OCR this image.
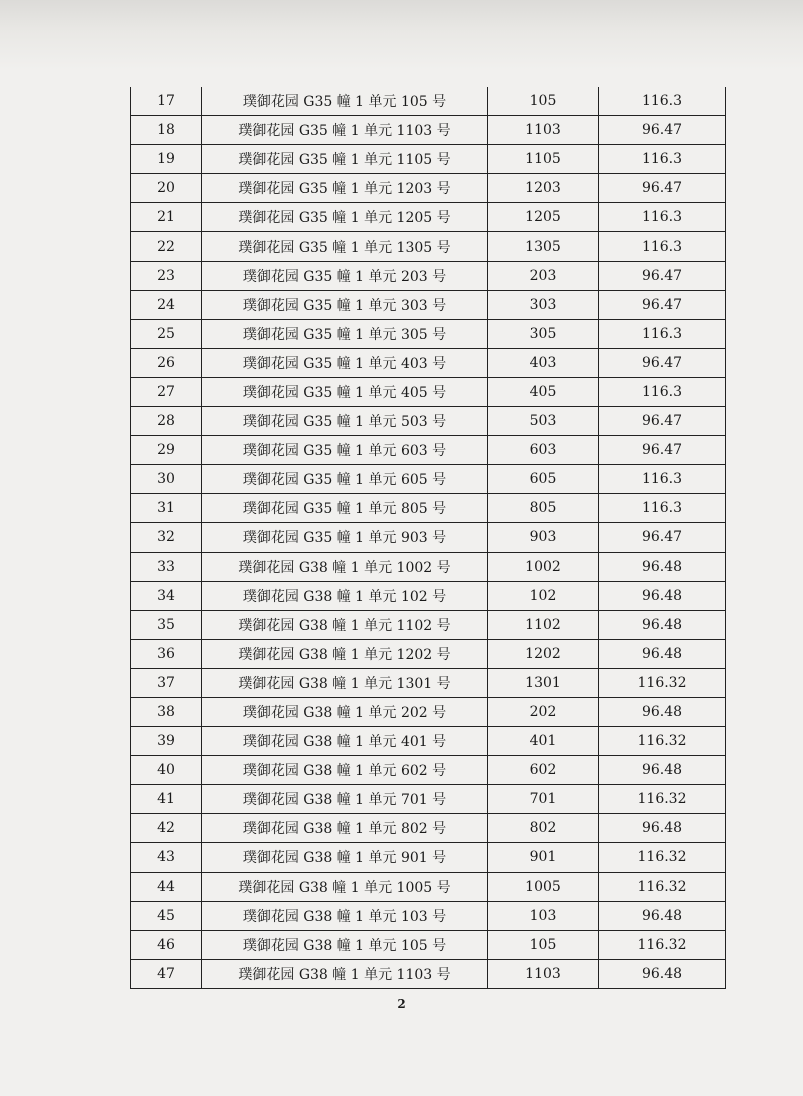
17	璞御花园 G35 幢 1 单元 105 号	105	116.3
18	璞御花园 G35 幢 1 单元 1103 号	1103	96.47
19	璞御花园 G35 幢 1 单元 1105 号	1105	116.3
20	璞御花园 G35 幢 1 单元 1203 号	1203	96.47
21	璞御花园 G35 幢 1 单元 1205 号	1205	116.3
22	璞御花园 G35 幢 1 单元 1305 号	1305	116.3
23	璞御花园 G35 幢 1 单元 203 号	203	96.47
24	璞御花园 G35 幢 1 单元 303 号	303	96.47
25	璞御花园 G35 幢 1 单元 305 号	305	116.3
26	璞御花园 G35 幢 1 单元 403 号	403	96.47
27	璞御花园 G35 幢 1 单元 405 号	405	116.3
28	璞御花园 G35 幢 1 单元 503 号	503	96.47
29	璞御花园 G35 幢 1 单元 603 号	603	96.47
30	璞御花园 G35 幢 1 单元 605 号	605	116.3
31	璞御花园 G35 幢 1 单元 805 号	805	116.3
32	璞御花园 G35 幢 1 单元 903 号	903	96.47
33	璞御花园 G38 幢 1 单元 1002 号	1002	96.48
34	璞御花园 G38 幢 1 单元 102 号	102	96.48
35	璞御花园 G38 幢 1 单元 1102 号	1102	96.48
36	璞御花园 G38 幢 1 单元 1202 号	1202	96.48
37	璞御花园 G38 幢 1 单元 1301 号	1301	116.32
38	璞御花园 G38 幢 1 单元 202 号	202	96.48
39	璞御花园 G38 幢 1 单元 401 号	401	116.32
40	璞御花园 G38 幢 1 单元 602 号	602	96.48
41	璞御花园 G38 幢 1 单元 701 号	701	116.32
42	璞御花园 G38 幢 1 单元 802 号	802	96.48
43	璞御花园 G38 幢 1 单元 901 号	901	116.32
44	璞御花园 G38 幢 1 单元 1005 号	1005	116.32
45	璞御花园 G38 幢 1 单元 103 号	103	96.48
46	璞御花园 G38 幢 1 单元 105 号	105	116.32
47	璞御花园 G38 幢 1 单元 1103 号	1103	96.48
2
